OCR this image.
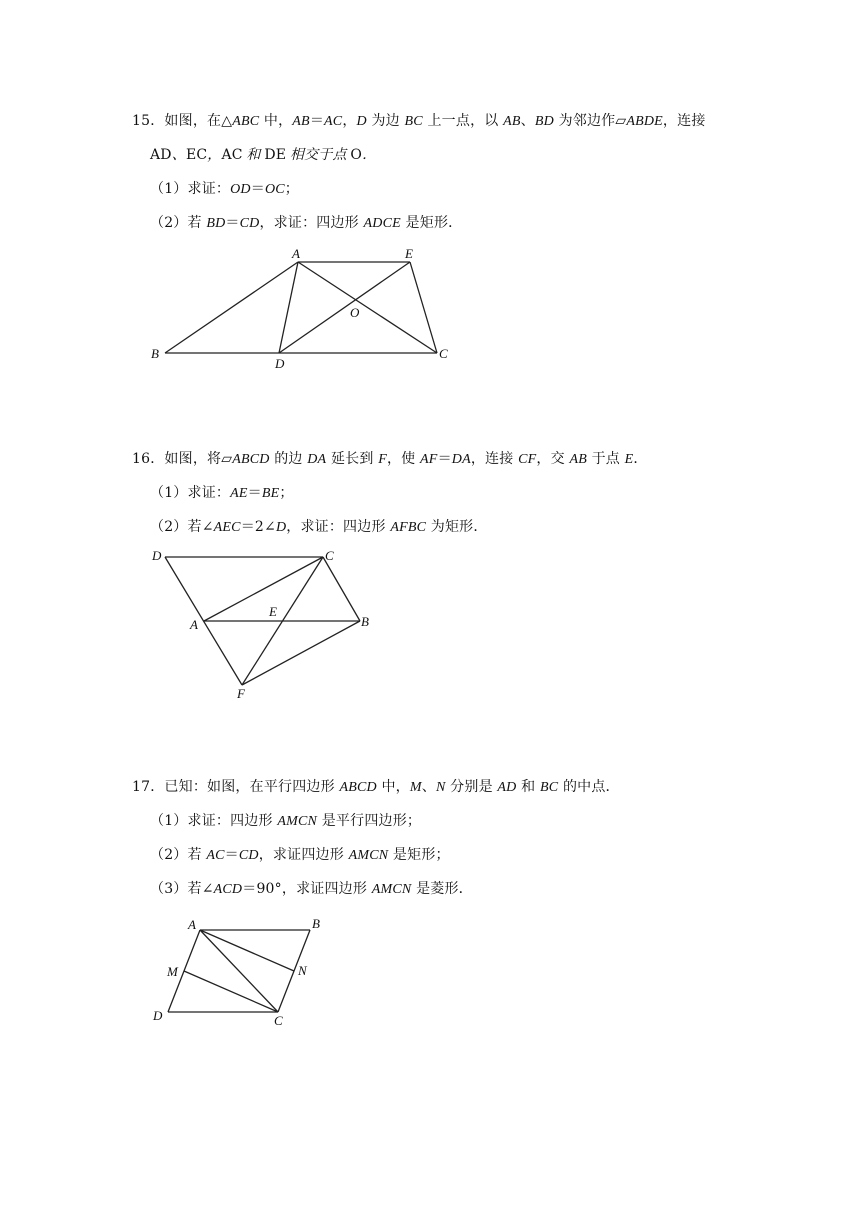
15．如图，在△ABC 中，AB＝AC，D 为边 BC 上一点，以 AB、BD 为邻边作▱ABDE，连接
AD、EC，AC 和 DE 相交于点 O．
（1）求证：OD＝OC；
（2）若 BD＝CD，求证：四边形 ADCE 是矩形．
A	E
O
B
D
C
16．如图，将▱ABCD 的边 DA 延长到 F，使 AF＝DA，连接 CF，交 AB 于点 E．
（1）求证：AE＝BE；
（2）若∠AEC＝2∠D，求证：四边形 AFBC 为矩形．
D	C
A
E
B
F
17．已知：如图，在平行四边形 ABCD 中，M、N 分别是 AD 和 BC 的中点．
（1）求证：四边形 AMCN 是平行四边形；
（2）若 AC＝CD，求证四边形 AMCN 是矩形；
（3）若∠ACD＝90°，求证四边形 AMCN 是菱形．
A	B
M	N
D	C
